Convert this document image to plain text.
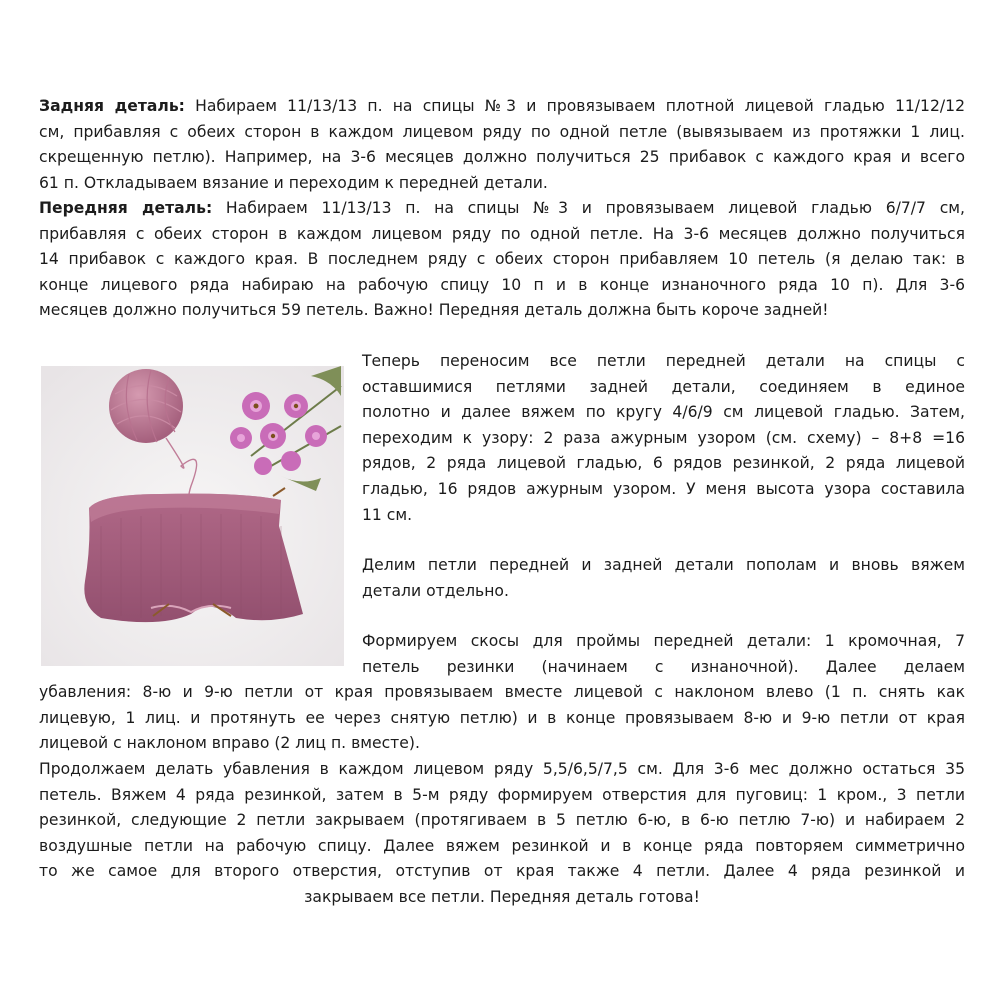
Задняя деталь: Набираем 11/13/13 п. на спицы №3 и провязываем плотной лицевой гладью 11/12/12
см, прибавляя с обеих сторон в каждом лицевом ряду по одной петле (вывязываем из протяжки 1 лиц.
скрещенную петлю). Например, на 3-6 месяцев должно получиться 25 прибавок с каждого края и всего
61 п. Откладываем вязание и переходим к передней детали.
Передняя деталь: Набираем 11/13/13 п. на спицы №3 и провязываем лицевой гладью 6/7/7 см,
прибавляя с обеих сторон в каждом лицевом ряду по одной петле. На 3-6 месяцев должно получиться
14 прибавок с каждого края. В последнем ряду с обеих сторон прибавляем 10 петель (я делаю так: в
конце лицевого ряда набираю на рабочую спицу 10 п и в конце изнаночного ряда 10 п). Для 3-6
месяцев должно получиться 59 петель. Важно! Передняя деталь должна быть короче задней!
Теперь переносим все петли передней детали на спицы с
оставшимися петлями задней детали, соединяем в единое
полотно и далее вяжем по кругу 4/6/9 см лицевой гладью. Затем,
переходим к узору: 2 раза ажурным узором (см. схему) – 8+8 =16
рядов, 2 ряда лицевой гладью, 6 рядов резинкой, 2 ряда лицевой
гладью, 16 рядов ажурным узором. У меня высота узора составила
11 см.
Делим петли передней и задней детали пополам и вновь вяжем
детали отдельно.
Формируем скосы для проймы передней детали: 1 кромочная, 7
петель резинки (начинаем с изнаночной). Далее делаем
убавления: 8-ю и 9-ю петли от края провязываем вместе лицевой с наклоном влево (1 п. снять как
лицевую, 1 лиц. и протянуть ее через снятую петлю) и в конце провязываем 8-ю и 9-ю петли от края
лицевой с наклоном вправо (2 лиц п. вместе).
Продолжаем делать убавления в каждом лицевом ряду 5,5/6,5/7,5 см. Для 3-6 мес должно остаться 35
петель. Вяжем 4 ряда резинкой, затем в 5-м ряду формируем отверстия для пуговиц: 1 кром., 3 петли
резинкой, следующие 2 петли закрываем (протягиваем в 5 петлю 6-ю, в 6-ю петлю 7-ю) и набираем 2
воздушные петли на рабочую спицу. Далее вяжем резинкой и в конце ряда повторяем симметрично
то же самое для второго отверстия, отступив от края также 4 петли. Далее 4 ряда резинкой и
закрываем все петли. Передняя деталь готова!
